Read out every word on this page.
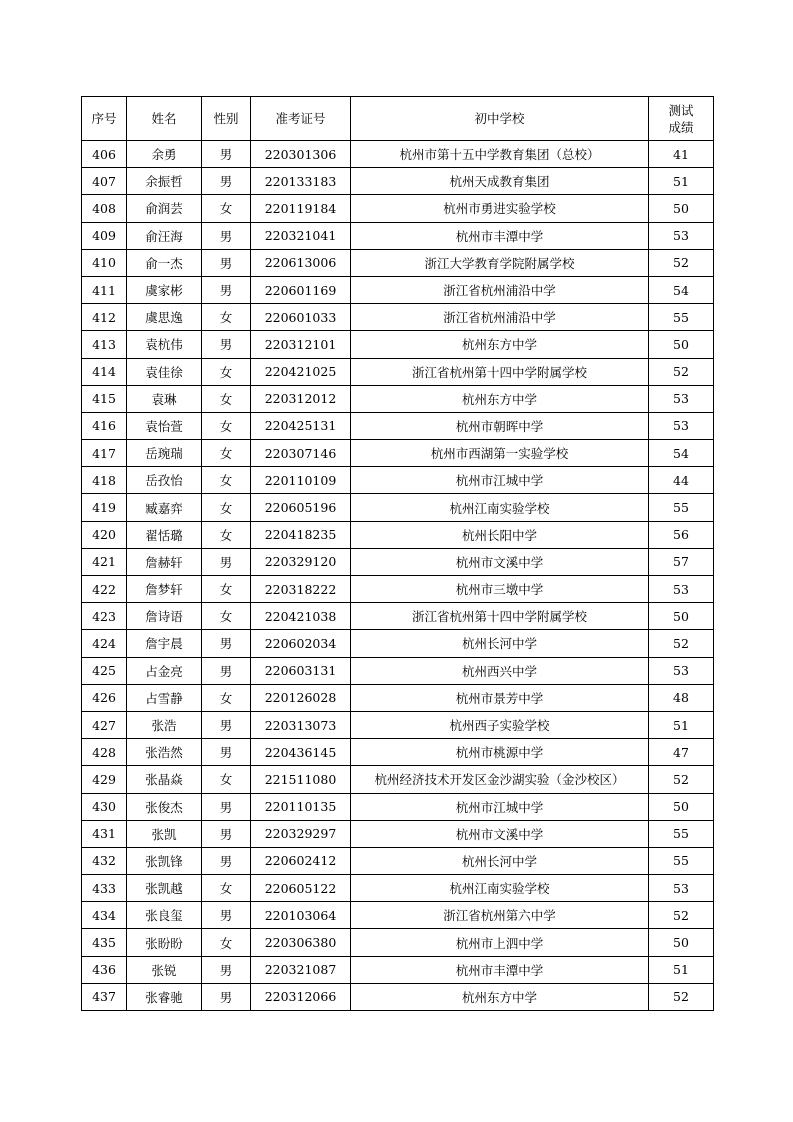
序号	姓名	性别	准考证号	初中学校	测试
成绩
406	余勇	男	220301306	杭州市第十五中学教育集团（总校）	41
407	余振哲	男	220133183	杭州天成教育集团	51
408	俞润芸	女	220119184	杭州市勇进实验学校	50
409	俞汪海	男	220321041	杭州市丰潭中学	53
410	俞一杰	男	220613006	浙江大学教育学院附属学校	52
411	虞家彬	男	220601169	浙江省杭州浦沿中学	54
412	虞思逸	女	220601033	浙江省杭州浦沿中学	55
413	袁杭伟	男	220312101	杭州东方中学	50
414	袁佳徐	女	220421025	浙江省杭州第十四中学附属学校	52
415	袁琳	女	220312012	杭州东方中学	53
416	袁怡萱	女	220425131	杭州市朝晖中学	53
417	岳琬瑞	女	220307146	杭州市西湖第一实验学校	54
418	岳孜怡	女	220110109	杭州市江城中学	44
419	臧嘉弈	女	220605196	杭州江南实验学校	55
420	翟恬璐	女	220418235	杭州长阳中学	56
421	詹赫轩	男	220329120	杭州市文溪中学	57
422	詹梦轩	女	220318222	杭州市三墩中学	53
423	詹诗语	女	220421038	浙江省杭州第十四中学附属学校	50
424	詹宇晨	男	220602034	杭州长河中学	52
425	占金亮	男	220603131	杭州西兴中学	53
426	占雪静	女	220126028	杭州市景芳中学	48
427	张浩	男	220313073	杭州西子实验学校	51
428	张浩然	男	220436145	杭州市桃源中学	47
429	张晶焱	女	221511080	杭州经济技术开发区金沙湖实验（金沙校区）	52
430	张俊杰	男	220110135	杭州市江城中学	50
431	张凯	男	220329297	杭州市文溪中学	55
432	张凯锋	男	220602412	杭州长河中学	55
433	张凯越	女	220605122	杭州江南实验学校	53
434	张良玺	男	220103064	浙江省杭州第六中学	52
435	张盼盼	女	220306380	杭州市上泗中学	50
436	张锐	男	220321087	杭州市丰潭中学	51
437	张睿驰	男	220312066	杭州东方中学	52
